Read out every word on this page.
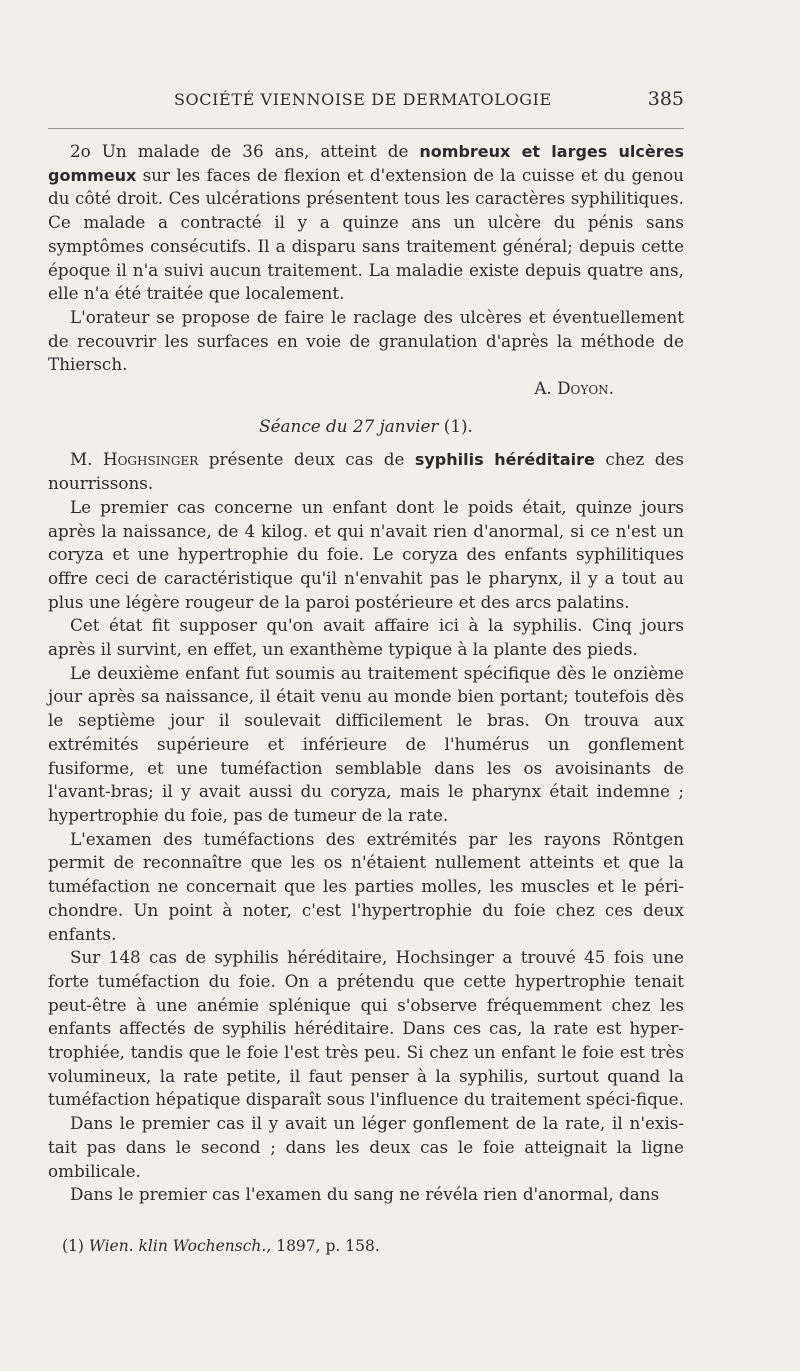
SOCIÉTÉ VIENNOISE DE DERMATOLOGIE	385

2o Un malade de 36 ans, atteint de nombreux et larges ulcères gommeux sur les faces de flexion et d'extension de la cuisse et du genou du côté droit. Ces ulcérations présentent tous les caractères syphilitiques. Ce malade a contracté il y a quinze ans un ulcère du pénis sans symptômes consécutifs. Il a disparu sans traitement général; depuis cette époque il n'a suivi aucun traitement. La maladie existe depuis quatre ans, elle n'a été traitée que localement.

L'orateur se propose de faire le raclage des ulcères et éventuellement de recouvrir les surfaces en voie de granulation d'après la méthode de Thiersch.

A. Doyon.
Séance du 27 janvier (1).

M. Hoghsinger présente deux cas de syphilis héréditaire chez des nourrissons.

Le premier cas concerne un enfant dont le poids était, quinze jours après la naissance, de 4 kilog. et qui n'avait rien d'anormal, si ce n'est un coryza et une hypertrophie du foie. Le coryza des enfants syphilitiques offre ceci de caractéristique qu'il n'envahit pas le pharynx, il y a tout au plus une légère rougeur de la paroi postérieure et des arcs palatins.

Cet état fit supposer qu'on avait affaire ici à la syphilis. Cinq jours après il survint, en effet, un exanthème typique à la plante des pieds.

Le deuxième enfant fut soumis au traitement spécifique dès le onzième jour après sa naissance, il était venu au monde bien portant; toutefois dès le septième jour il soulevait difficilement le bras. On trouva aux extrémités supérieure et inférieure de l'humérus un gonflement fusiforme, et une tuméfaction semblable dans les os avoisinants de l'avant-bras; il y avait aussi du coryza, mais le pharynx était indemne ; hypertrophie du foie, pas de tumeur de la rate.

L'examen des tuméfactions des extrémités par les rayons Röntgen permit de reconnaître que les os n'étaient nullement atteints et que la tuméfaction ne concernait que les parties molles, les muscles et le péri-chondre. Un point à noter, c'est l'hypertrophie du foie chez ces deux enfants.

Sur 148 cas de syphilis héréditaire, Hochsinger a trouvé 45 fois une forte tuméfaction du foie. On a prétendu que cette hypertrophie tenait peut-être à une anémie splénique qui s'observe fréquemment chez les enfants affectés de syphilis héréditaire. Dans ces cas, la rate est hyper-trophiée, tandis que le foie l'est très peu. Si chez un enfant le foie est très volumineux, la rate petite, il faut penser à la syphilis, surtout quand la tuméfaction hépatique disparaît sous l'influence du traitement spéci-fique.

Dans le premier cas il y avait un léger gonflement de la rate, il n'exis-tait pas dans le second ; dans les deux cas le foie atteignait la ligne ombilicale.

Dans le premier cas l'examen du sang ne révéla rien d'anormal, dans

(1) Wien. klin Wochensch., 1897, p. 158.
